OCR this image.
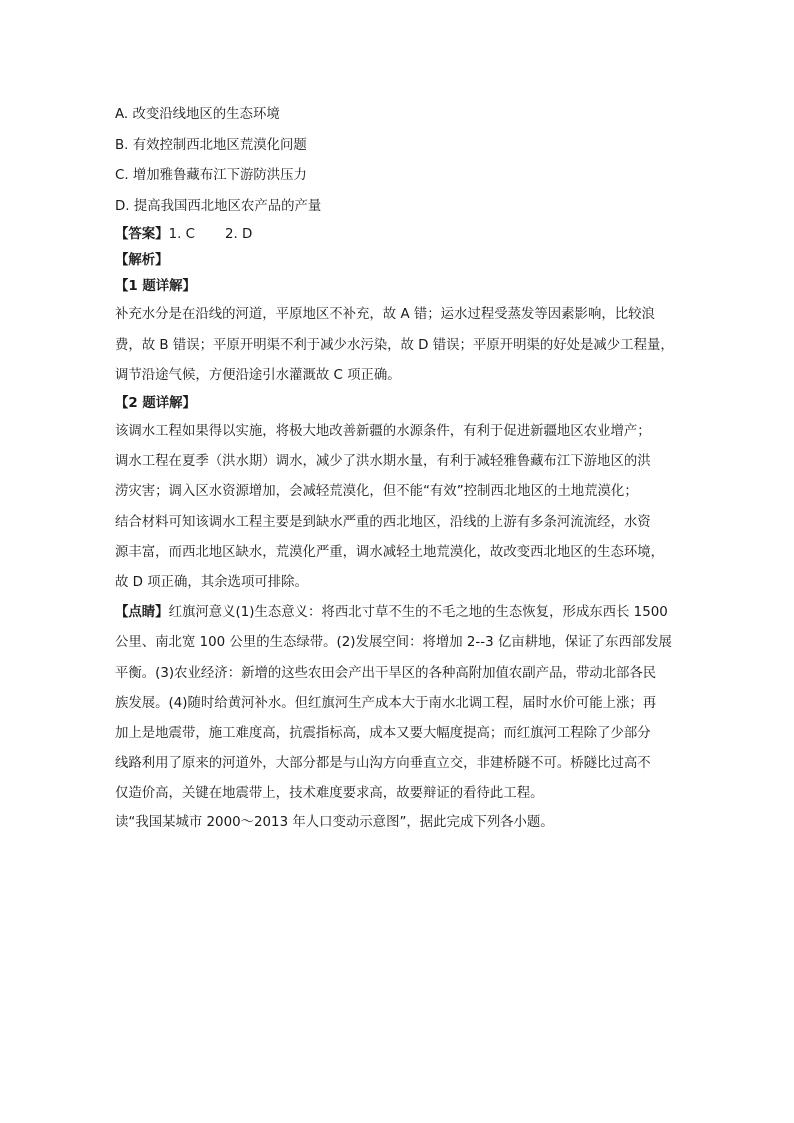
A. 改变沿线地区的生态环境

B. 有效控制西北地区荒漠化问题

C. 增加雅鲁藏布江下游防洪压力

D. 提高我国西北地区农产品的产量

【答案】1. C 2. D

【解析】

【1 题详解】

补充水分是在沿线的河道，平原地区不补充，故 A 错；运水过程受蒸发等因素影响，比较浪

费，故 B 错误；平原开明渠不利于减少水污染，故 D 错误；平原开明渠的好处是减少工程量，

调节沿途气候，方便沿途引水灌溉故 C 项正确。

【2 题详解】

该调水工程如果得以实施，将极大地改善新疆的水源条件，有利于促进新疆地区农业增产；

调水工程在夏季（洪水期）调水，减少了洪水期水量，有利于减轻雅鲁藏布江下游地区的洪

涝灾害；调入区水资源增加，会减轻荒漠化，但不能“有效”控制西北地区的土地荒漠化；

结合材料可知该调水工程主要是到缺水严重的西北地区，沿线的上游有多条河流流经，水资

源丰富，而西北地区缺水，荒漠化严重，调水减轻土地荒漠化，故改变西北地区的生态环境，

故 D 项正确，其余选项可排除。

【点睛】红旗河意义(1)生态意义：将西北寸草不生的不毛之地的生态恢复，形成东西长 1500

公里、南北宽 100 公里的生态绿带。(2)发展空间：将增加 2--3 亿亩耕地，保证了东西部发展

平衡。(3)农业经济：新增的这些农田会产出干旱区的各种高附加值农副产品，带动北部各民

族发展。(4)随时给黄河补水。但红旗河生产成本大于南水北调工程，届时水价可能上涨；再

加上是地震带，施工难度高，抗震指标高，成本又要大幅度提高；而红旗河工程除了少部分

线路利用了原来的河道外，大部分都是与山沟方向垂直立交，非建桥隧不可。桥隧比过高不

仅造价高，关键在地震带上，技术难度要求高，故要辩证的看待此工程。

读“我国某城市 2000～2013 年人口变动示意图”，据此完成下列各小题。
